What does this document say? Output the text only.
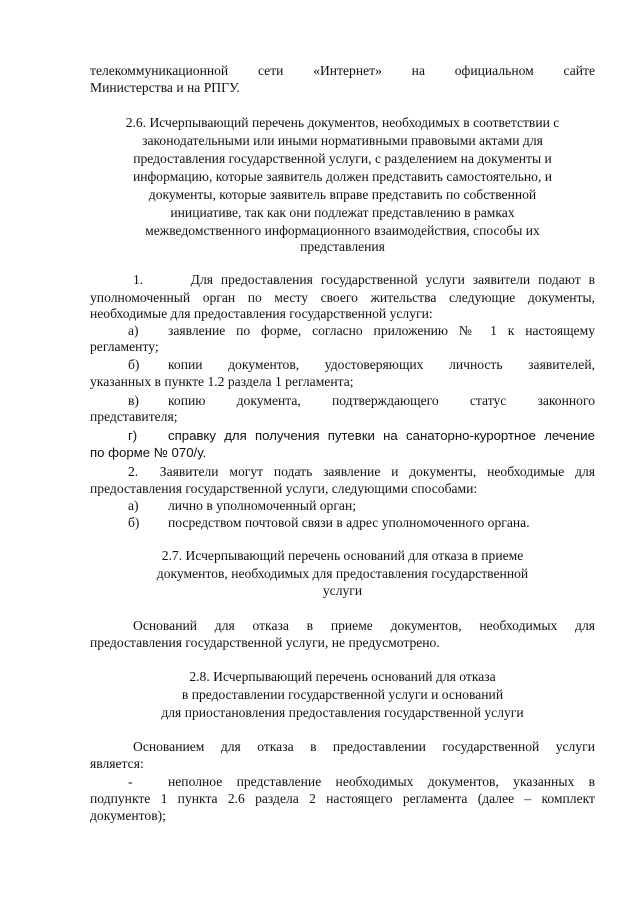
телекоммуникационной сети «Интернет» на официальном сайте
Министерства и на РПГУ.
2.6. Исчерпывающий перечень документов, необходимых в соответствии с
законодательными или иными нормативными правовыми актами для
предоставления государственной услуги, с разделением на документы и
информацию, которые заявитель должен представить самостоятельно, и
документы, которые заявитель вправе представить по собственной
инициативе, так как они подлежат представлению в рамках
межведомственного информационного взаимодействия, способы их
представления
1.      Для предоставления государственной услуги заявители подают в
уполномоченный орган по месту своего жительства следующие документы,
необходимые для предоставления государственной услуги:
а) заявление по форме, согласно приложению № 1 к настоящему
регламенту;
б) копии документов, удостоверяющих личность заявителей,
указанных в пункте 1.2 раздела 1 регламента;
в) копию документа, подтверждающего статус законного
представителя;
г) справку для получения путевки на санаторно-курортное лечение
по форме № 070/у.
2.  Заявители могут подать заявление и документы, необходимые для
предоставления государственной услуги, следующими способами:
а) лично в уполномоченный орган;
б) посредством почтовой связи в адрес уполномоченного органа.
2.7. Исчерпывающий перечень оснований для отказа в приеме
документов, необходимых для предоставления государственной
услуги
Оснований для отказа в приеме документов, необходимых для
предоставления государственной услуги, не предусмотрено.
2.8. Исчерпывающий перечень оснований для отказа
в предоставлении государственной услуги и оснований
для приостановления предоставления государственной услуги
Основанием для отказа в предоставлении государственной услуги
является:
-	неполное представление необходимых документов, указанных в
подпункте 1 пункта 2.6 раздела 2 настоящего регламента (далее – комплект
документов);
